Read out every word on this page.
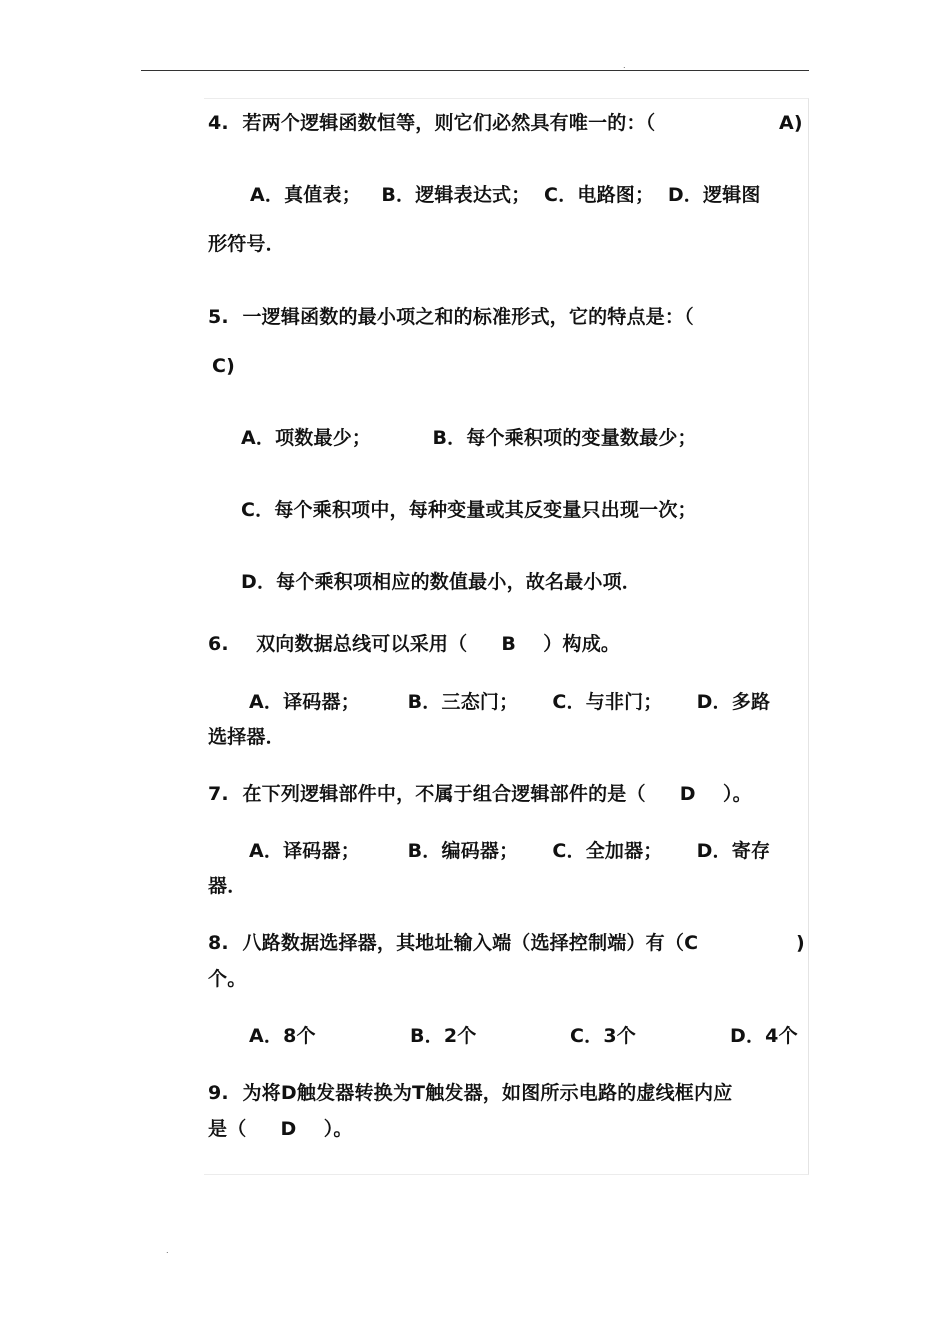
.
4.  若两个逻辑函数恒等，则它们必然具有唯一的：（	A)
A．真值表；   B．逻辑表达式；  C．电路图；  D．逻辑图
形符号．
5.  一逻辑函数的最小项之和的标准形式，它的特点是：（
C)
A．项数最少；         B．每个乘积项的变量数最少；
C．每个乘积项中，每种变量或其反变量只出现一次；
D．每个乘积项相应的数值最小，故名最小项．
6.    双向数据总线可以采用（     B    ）构成。
A．译码器；       B．三态门；     C．与非门；     D．多路
选择器．
7.  在下列逻辑部件中，不属于组合逻辑部件的是（     D    ）。
A．译码器；       B．编码器；     C．全加器；     D．寄存
器．
8.  八路数据选择器，其地址输入端（选择控制端）有（C	)
个。
A．8个	B．2个	C．3个	D．4个
9.  为将D触发器转换为T触发器，如图所示电路的虚线框内应
是（     D    ）。
.
